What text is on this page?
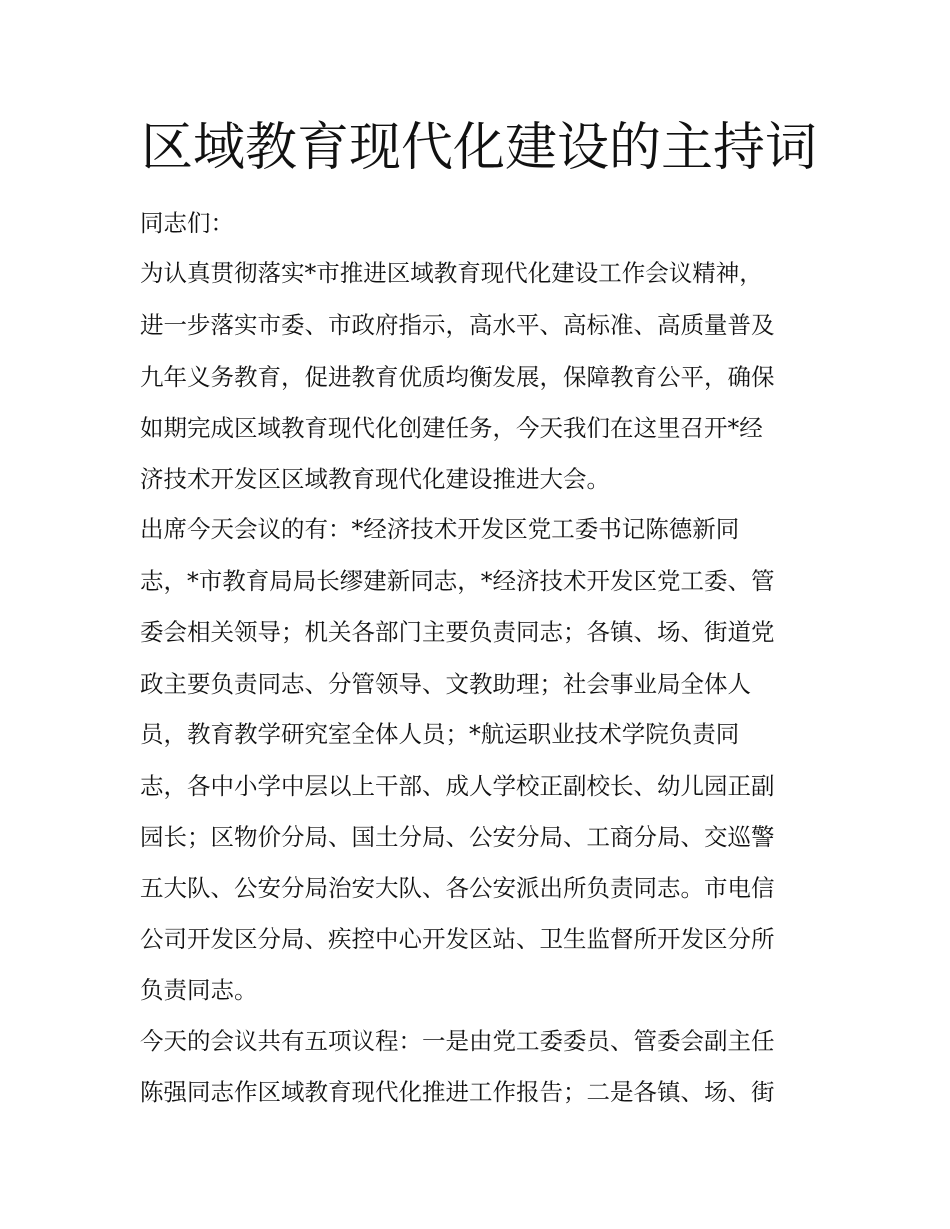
区域教育现代化建设的主持词

同志们：

为认真贯彻落实*市推进区域教育现代化建设工作会议精神，

进一步落实市委、市政府指示，高水平、高标准、高质量普及

九年义务教育，促进教育优质均衡发展，保障教育公平，确保

如期完成区域教育现代化创建任务，今天我们在这里召开*经

济技术开发区区域教育现代化建设推进大会。

出席今天会议的有：*经济技术开发区党工委书记陈德新同

志，*市教育局局长缪建新同志，*经济技术开发区党工委、管

委会相关领导；机关各部门主要负责同志；各镇、场、街道党

政主要负责同志、分管领导、文教助理；社会事业局全体人

员，教育教学研究室全体人员；*航运职业技术学院负责同

志，各中小学中层以上干部、成人学校正副校长、幼儿园正副

园长；区物价分局、国土分局、公安分局、工商分局、交巡警

五大队、公安分局治安大队、各公安派出所负责同志。市电信

公司开发区分局、疾控中心开发区站、卫生监督所开发区分所

负责同志。

今天的会议共有五项议程：一是由党工委委员、管委会副主任

陈强同志作区域教育现代化推进工作报告；二是各镇、场、街
